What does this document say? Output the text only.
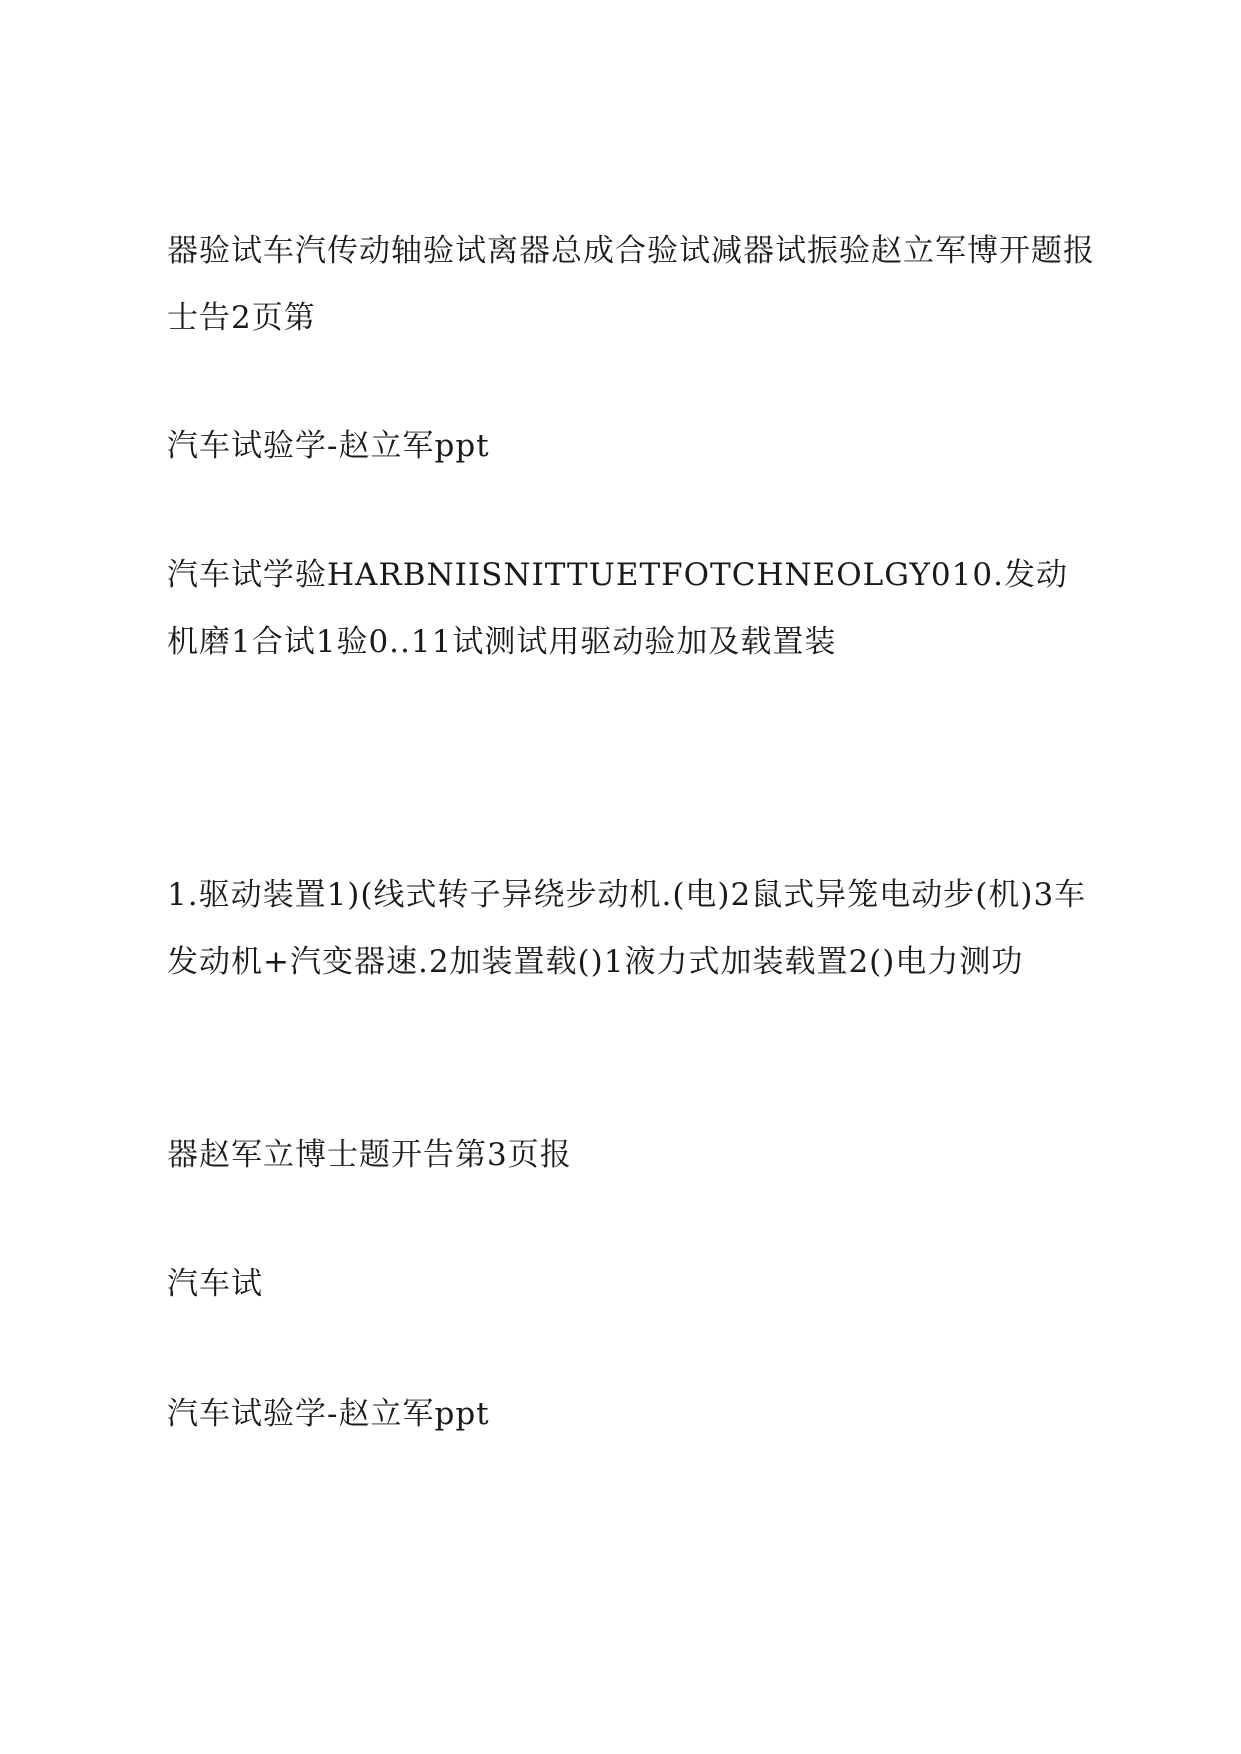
器验试车汽传动轴验试离器总成合验试减器试振验赵立军博开题报士告2页第

汽车试验学-赵立军ppt

汽车试学验HARBNIISNITTUETFOTCHNEOLGY010.发动机磨1合试1验0..11试测试用驱动验加及载置装

1.驱动装置1)(线式转子异绕步动机.(电)2鼠式异笼电动步(机)3车发动机+汽变器速.2加装置载()1液力式加装载置2()电力测功

器赵军立博士题开告第3页报

汽车试

汽车试验学-赵立军ppt
